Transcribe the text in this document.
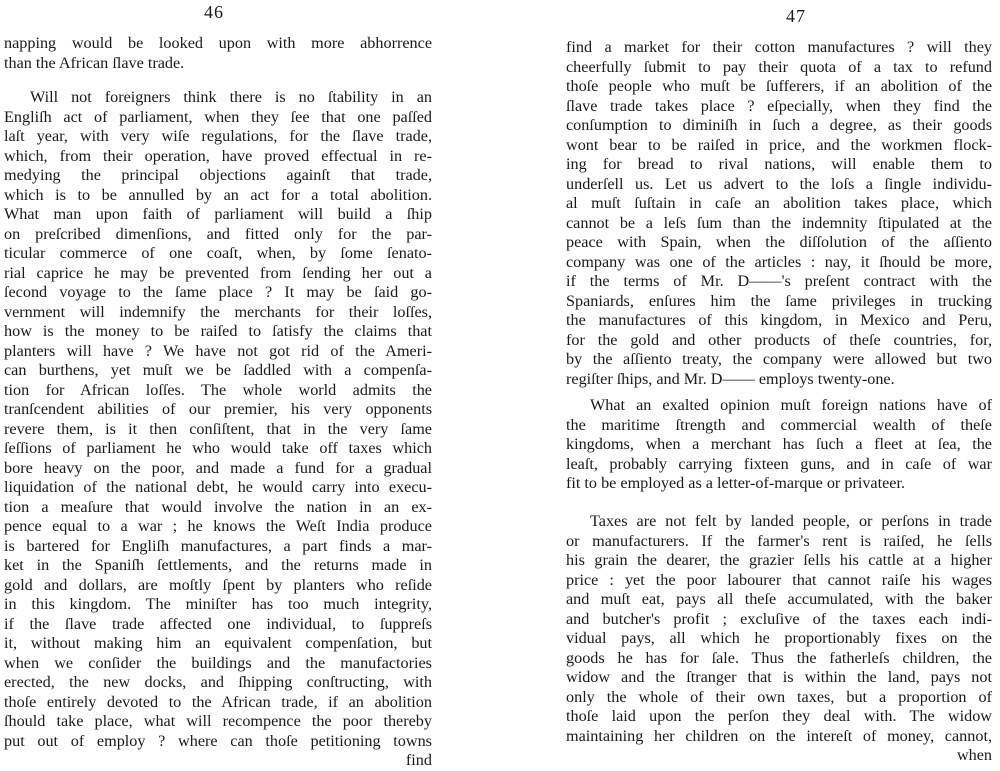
46
napping would be looked upon with more abhorrence
than the African ſlave trade.
Will not foreigners think there is no ſtability in an
Engliſh act of parliament, when they ſee that one paſſed
laſt year, with very wiſe regulations, for the ſlave trade,
which, from their operation, have proved effectual in re-
medying the principal objections againſt that trade,
which is to be annulled by an act for a total abolition.
What man upon faith of parliament will build a ſhip
on preſcribed dimenſions, and fitted only for the par-
ticular commerce of one coaſt, when, by ſome ſenato-
rial caprice he may be prevented from ſending her out a
ſecond voyage to the ſame place ? It may be ſaid go-
vernment will indemnify the merchants for their loſſes,
how is the money to be raiſed to ſatisfy the claims that
planters will have ? We have not got rid of the Ameri-
can burthens, yet muſt we be ſaddled with a compenſa-
tion for African loſſes. The whole world admits the
tranſcendent abilities of our premier, his very opponents
revere them, is it then conſiſtent, that in the very ſame
ſeſſions of parliament he who would take off taxes which
bore heavy on the poor, and made a fund for a gradual
liquidation of the national debt, he would carry into execu-
tion a meaſure that would involve the nation in an ex-
pence equal to a war ; he knows the Weſt India produce
is bartered for Engliſh manufactures, a part finds a mar-
ket in the Spaniſh ſettlements, and the returns made in
gold and dollars, are moſtly ſpent by planters who reſide
in this kingdom. The miniſter has too much integrity,
if the ſlave trade affected one individual, to ſuppreſs
it, without making him an equivalent compenſation, but
when we conſider the buildings and the manufactories
erected, the new docks, and ſhipping conſtructing, with
thoſe entirely devoted to the African trade, if an abolition
ſhould take place, what will recompence the poor thereby
put out of employ ? where can thoſe petitioning towns
find
47
find a market for their cotton manufactures ? will they
cheerfully ſubmit to pay their quota of a tax to refund
thoſe people who muſt be ſufferers, if an abolition of the
ſlave trade takes place ? eſpecially, when they find the
conſumption to diminiſh in ſuch a degree, as their goods
wont bear to be raiſed in price, and the workmen flock-
ing for bread to rival nations, will enable them to
underſell us. Let us advert to the loſs a ſingle individu-
al muſt ſuſtain in caſe an abolition takes place, which
cannot be a leſs ſum than the indemnity ſtipulated at the
peace with Spain, when the diſſolution of the aſſiento
company was one of the articles : nay, it ſhould be more,
if the terms of Mr. D——'s preſent contract with the
Spaniards, enſures him the ſame privileges in trucking
the manufactures of this kingdom, in Mexico and Peru,
for the gold and other products of theſe countries, for,
by the aſſiento treaty, the company were allowed but two
regiſter ſhips, and Mr. D—— employs twenty-one.
What an exalted opinion muſt foreign nations have of
the maritime ſtrength and commercial wealth of theſe
kingdoms, when a merchant has ſuch a fleet at ſea, the
leaſt, probably carrying fixteen guns, and in caſe of war
fit to be employed as a letter-of-marque or privateer.
Taxes are not felt by landed people, or perſons in trade
or manufacturers. If the farmer's rent is raiſed, he ſells
his grain the dearer, the grazier ſells his cattle at a higher
price : yet the poor labourer that cannot raiſe his wages
and muſt eat, pays all theſe accumulated, with the baker
and butcher's profit ; excluſive of the taxes each indi-
vidual pays, all which he proportionably fixes on the
goods he has for ſale. Thus the fatherleſs children, the
widow and the ſtranger that is within the land, pays not
only the whole of their own taxes, but a proportion of
thoſe laid upon the perſon they deal with. The widow
maintaining her children on the intereſt of money, cannot,
when
